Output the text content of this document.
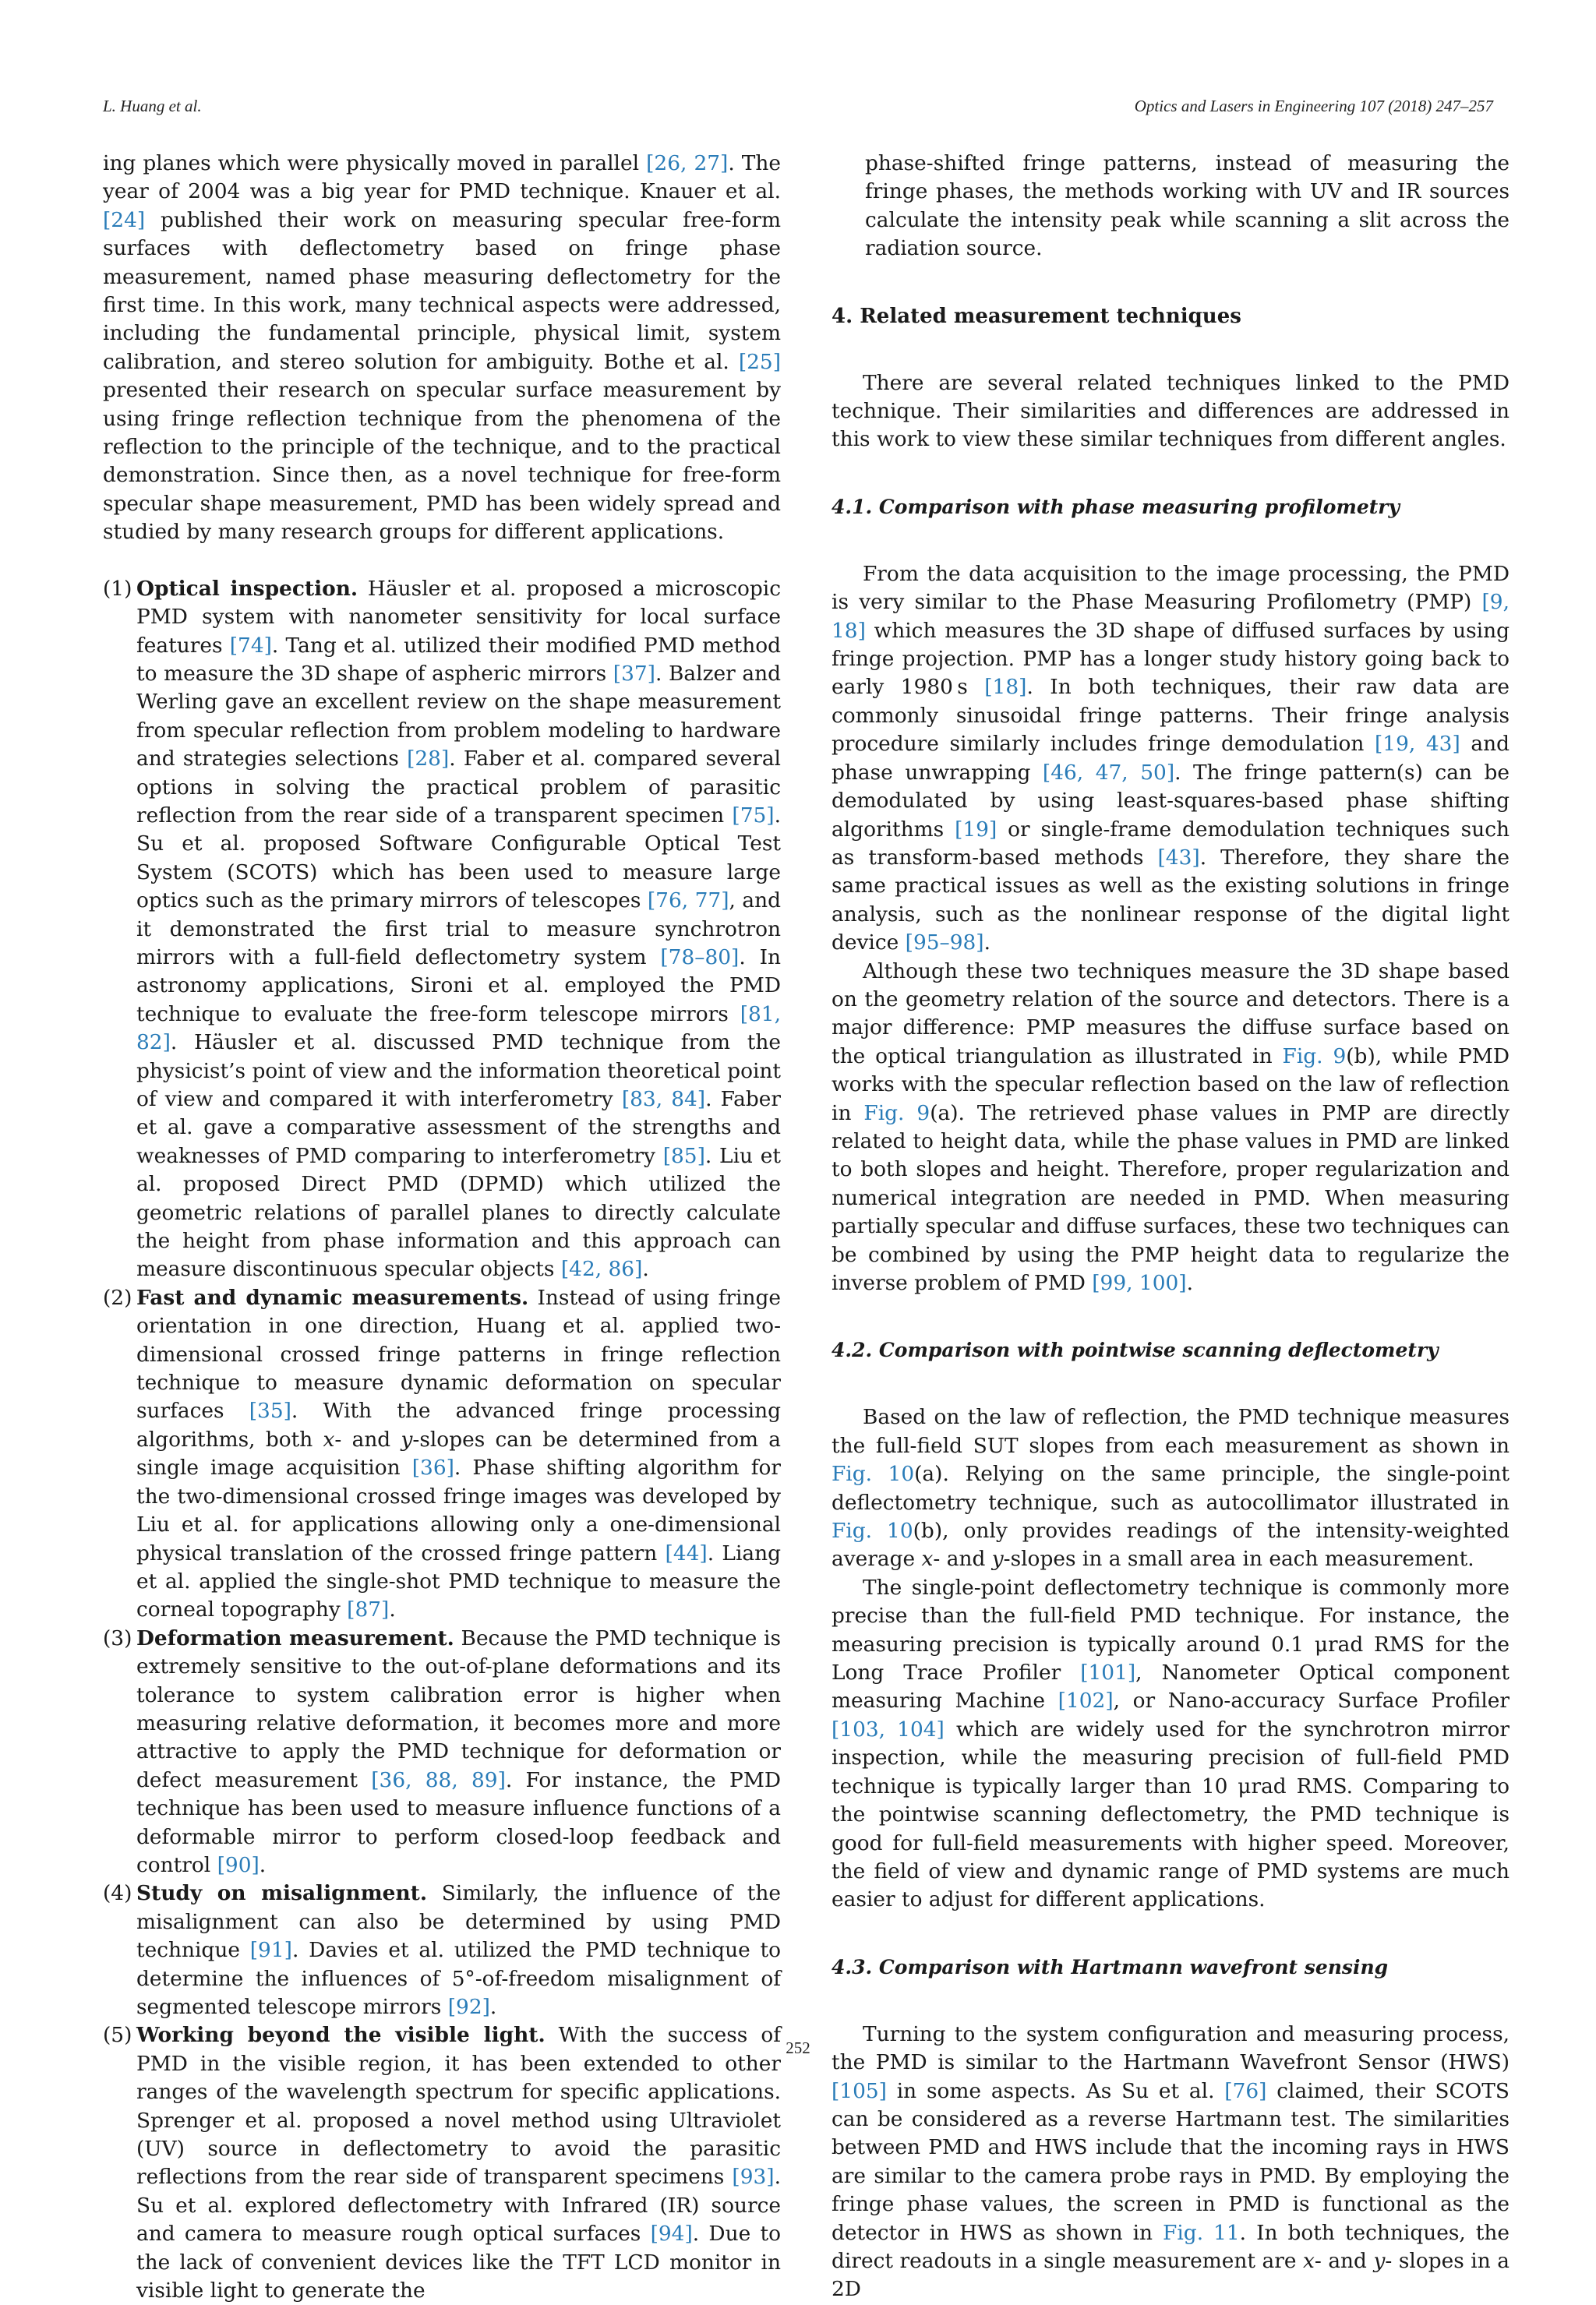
L. Huang et al.	Optics and Lasers in Engineering 107 (2018) 247–257

ing planes which were physically moved in parallel [26, 27]. The year of 2004 was a big year for PMD technique. Knauer et al. [24] published their work on measuring specular free-form surfaces with deflectometry based on fringe phase measurement, named phase measuring deflectometry for the first time. In this work, many technical aspects were addressed, including the fundamental principle, physical limit, system calibration, and stereo solution for ambiguity. Bothe et al. [25] presented their research on specular surface measurement by using fringe reflection technique from the phenomena of the reflection to the principle of the technique, and to the practical demonstration. Since then, as a novel technique for free-form specular shape measurement, PMD has been widely spread and studied by many research groups for different applications.

(1) Optical inspection. Häusler et al. proposed a microscopic PMD system with nanometer sensitivity for local surface features [74]. Tang et al. utilized their modified PMD method to measure the 3D shape of aspheric mirrors [37]. Balzer and Werling gave an excellent review on the shape measurement from specular reflection from problem modeling to hardware and strategies selections [28]. Faber et al. compared several options in solving the practical problem of parasitic reflection from the rear side of a transparent specimen [75]. Su et al. proposed Software Configurable Optical Test System (SCOTS) which has been used to measure large optics such as the primary mirrors of telescopes [76, 77], and it demonstrated the first trial to measure synchrotron mirrors with a full-field deflectometry system [78–80]. In astronomy applications, Sironi et al. employed the PMD technique to evaluate the free-form telescope mirrors [81, 82]. Häusler et al. discussed PMD technique from the physicist’s point of view and the information theoretical point of view and compared it with interferometry [83, 84]. Faber et al. gave a comparative assessment of the strengths and weaknesses of PMD comparing to interferometry [85]. Liu et al. proposed Direct PMD (DPMD) which utilized the geometric relations of parallel planes to directly calculate the height from phase information and this approach can measure discontinuous specular objects [42, 86].
(2) Fast and dynamic measurements. Instead of using fringe orientation in one direction, Huang et al. applied two-dimensional crossed fringe patterns in fringe reflection technique to measure dynamic deformation on specular surfaces [35]. With the advanced fringe processing algorithms, both x- and y-slopes can be determined from a single image acquisition [36]. Phase shifting algorithm for the two-dimensional crossed fringe images was developed by Liu et al. for applications allowing only a one-dimensional physical translation of the crossed fringe pattern [44]. Liang et al. applied the single-shot PMD technique to measure the corneal topography [87].
(3) Deformation measurement. Because the PMD technique is extremely sensitive to the out-of-plane deformations and its tolerance to system calibration error is higher when measuring relative deformation, it becomes more and more attractive to apply the PMD technique for deformation or defect measurement [36, 88, 89]. For instance, the PMD technique has been used to measure influence functions of a deformable mirror to perform closed-loop feedback and control [90].
(4) Study on misalignment. Similarly, the influence of the misalignment can also be determined by using PMD technique [91]. Davies et al. utilized the PMD technique to determine the influences of 5°-of-freedom misalignment of segmented telescope mirrors [92].
(5) Working beyond the visible light. With the success of PMD in the visible region, it has been extended to other ranges of the wavelength spectrum for specific applications. Sprenger et al. proposed a novel method using Ultraviolet (UV) source in deflectometry to avoid the parasitic reflections from the rear side of transparent specimens [93]. Su et al. explored deflectometry with Infrared (IR) source and camera to measure rough optical surfaces [94]. Due to the lack of convenient devices like the TFT LCD monitor in visible light to generate the

phase-shifted fringe patterns, instead of measuring the fringe phases, the methods working with UV and IR sources calculate the intensity peak while scanning a slit across the radiation source.

4. Related measurement techniques

There are several related techniques linked to the PMD technique. Their similarities and differences are addressed in this work to view these similar techniques from different angles.

4.1. Comparison with phase measuring profilometry

From the data acquisition to the image processing, the PMD is very similar to the Phase Measuring Profilometry (PMP) [9, 18] which measures the 3D shape of diffused surfaces by using fringe projection. PMP has a longer study history going back to early 1980 s [18]. In both techniques, their raw data are commonly sinusoidal fringe patterns. Their fringe analysis procedure similarly includes fringe demodulation [19, 43] and phase unwrapping [46, 47, 50]. The fringe pattern(s) can be demodulated by using least-squares-based phase shifting algorithms [19] or single-frame demodulation techniques such as transform-based methods [43]. Therefore, they share the same practical issues as well as the existing solutions in fringe analysis, such as the nonlinear response of the digital light device [95–98].

Although these two techniques measure the 3D shape based on the geometry relation of the source and detectors. There is a major difference: PMP measures the diffuse surface based on the optical triangulation as illustrated in Fig. 9(b), while PMD works with the specular reflection based on the law of reflection in Fig. 9(a). The retrieved phase values in PMP are directly related to height data, while the phase values in PMD are linked to both slopes and height. Therefore, proper regularization and numerical integration are needed in PMD. When measuring partially specular and diffuse surfaces, these two techniques can be combined by using the PMP height data to regularize the inverse problem of PMD [99, 100].

4.2. Comparison with pointwise scanning deflectometry

Based on the law of reflection, the PMD technique measures the full-field SUT slopes from each measurement as shown in Fig. 10(a). Relying on the same principle, the single-point deflectometry technique, such as autocollimator illustrated in Fig. 10(b), only provides readings of the intensity-weighted average x- and y-slopes in a small area in each measurement.

The single-point deflectometry technique is commonly more precise than the full-field PMD technique. For instance, the measuring precision is typically around 0.1 μrad RMS for the Long Trace Profiler [101], Nanometer Optical component measuring Machine [102], or Nano-accuracy Surface Profiler [103, 104] which are widely used for the synchrotron mirror inspection, while the measuring precision of full-field PMD technique is typically larger than 10 μrad RMS. Comparing to the pointwise scanning deflectometry, the PMD technique is good for full-field measurements with higher speed. Moreover, the field of view and dynamic range of PMD systems are much easier to adjust for different applications.

4.3. Comparison with Hartmann wavefront sensing

Turning to the system configuration and measuring process, the PMD is similar to the Hartmann Wavefront Sensor (HWS) [105] in some aspects. As Su et al. [76] claimed, their SCOTS can be considered as a reverse Hartmann test. The similarities between PMD and HWS include that the incoming rays in HWS are similar to the camera probe rays in PMD. By employing the fringe phase values, the screen in PMD is functional as the detector in HWS as shown in Fig. 11. In both techniques, the direct readouts in a single measurement are x- and y- slopes in a 2D

252
